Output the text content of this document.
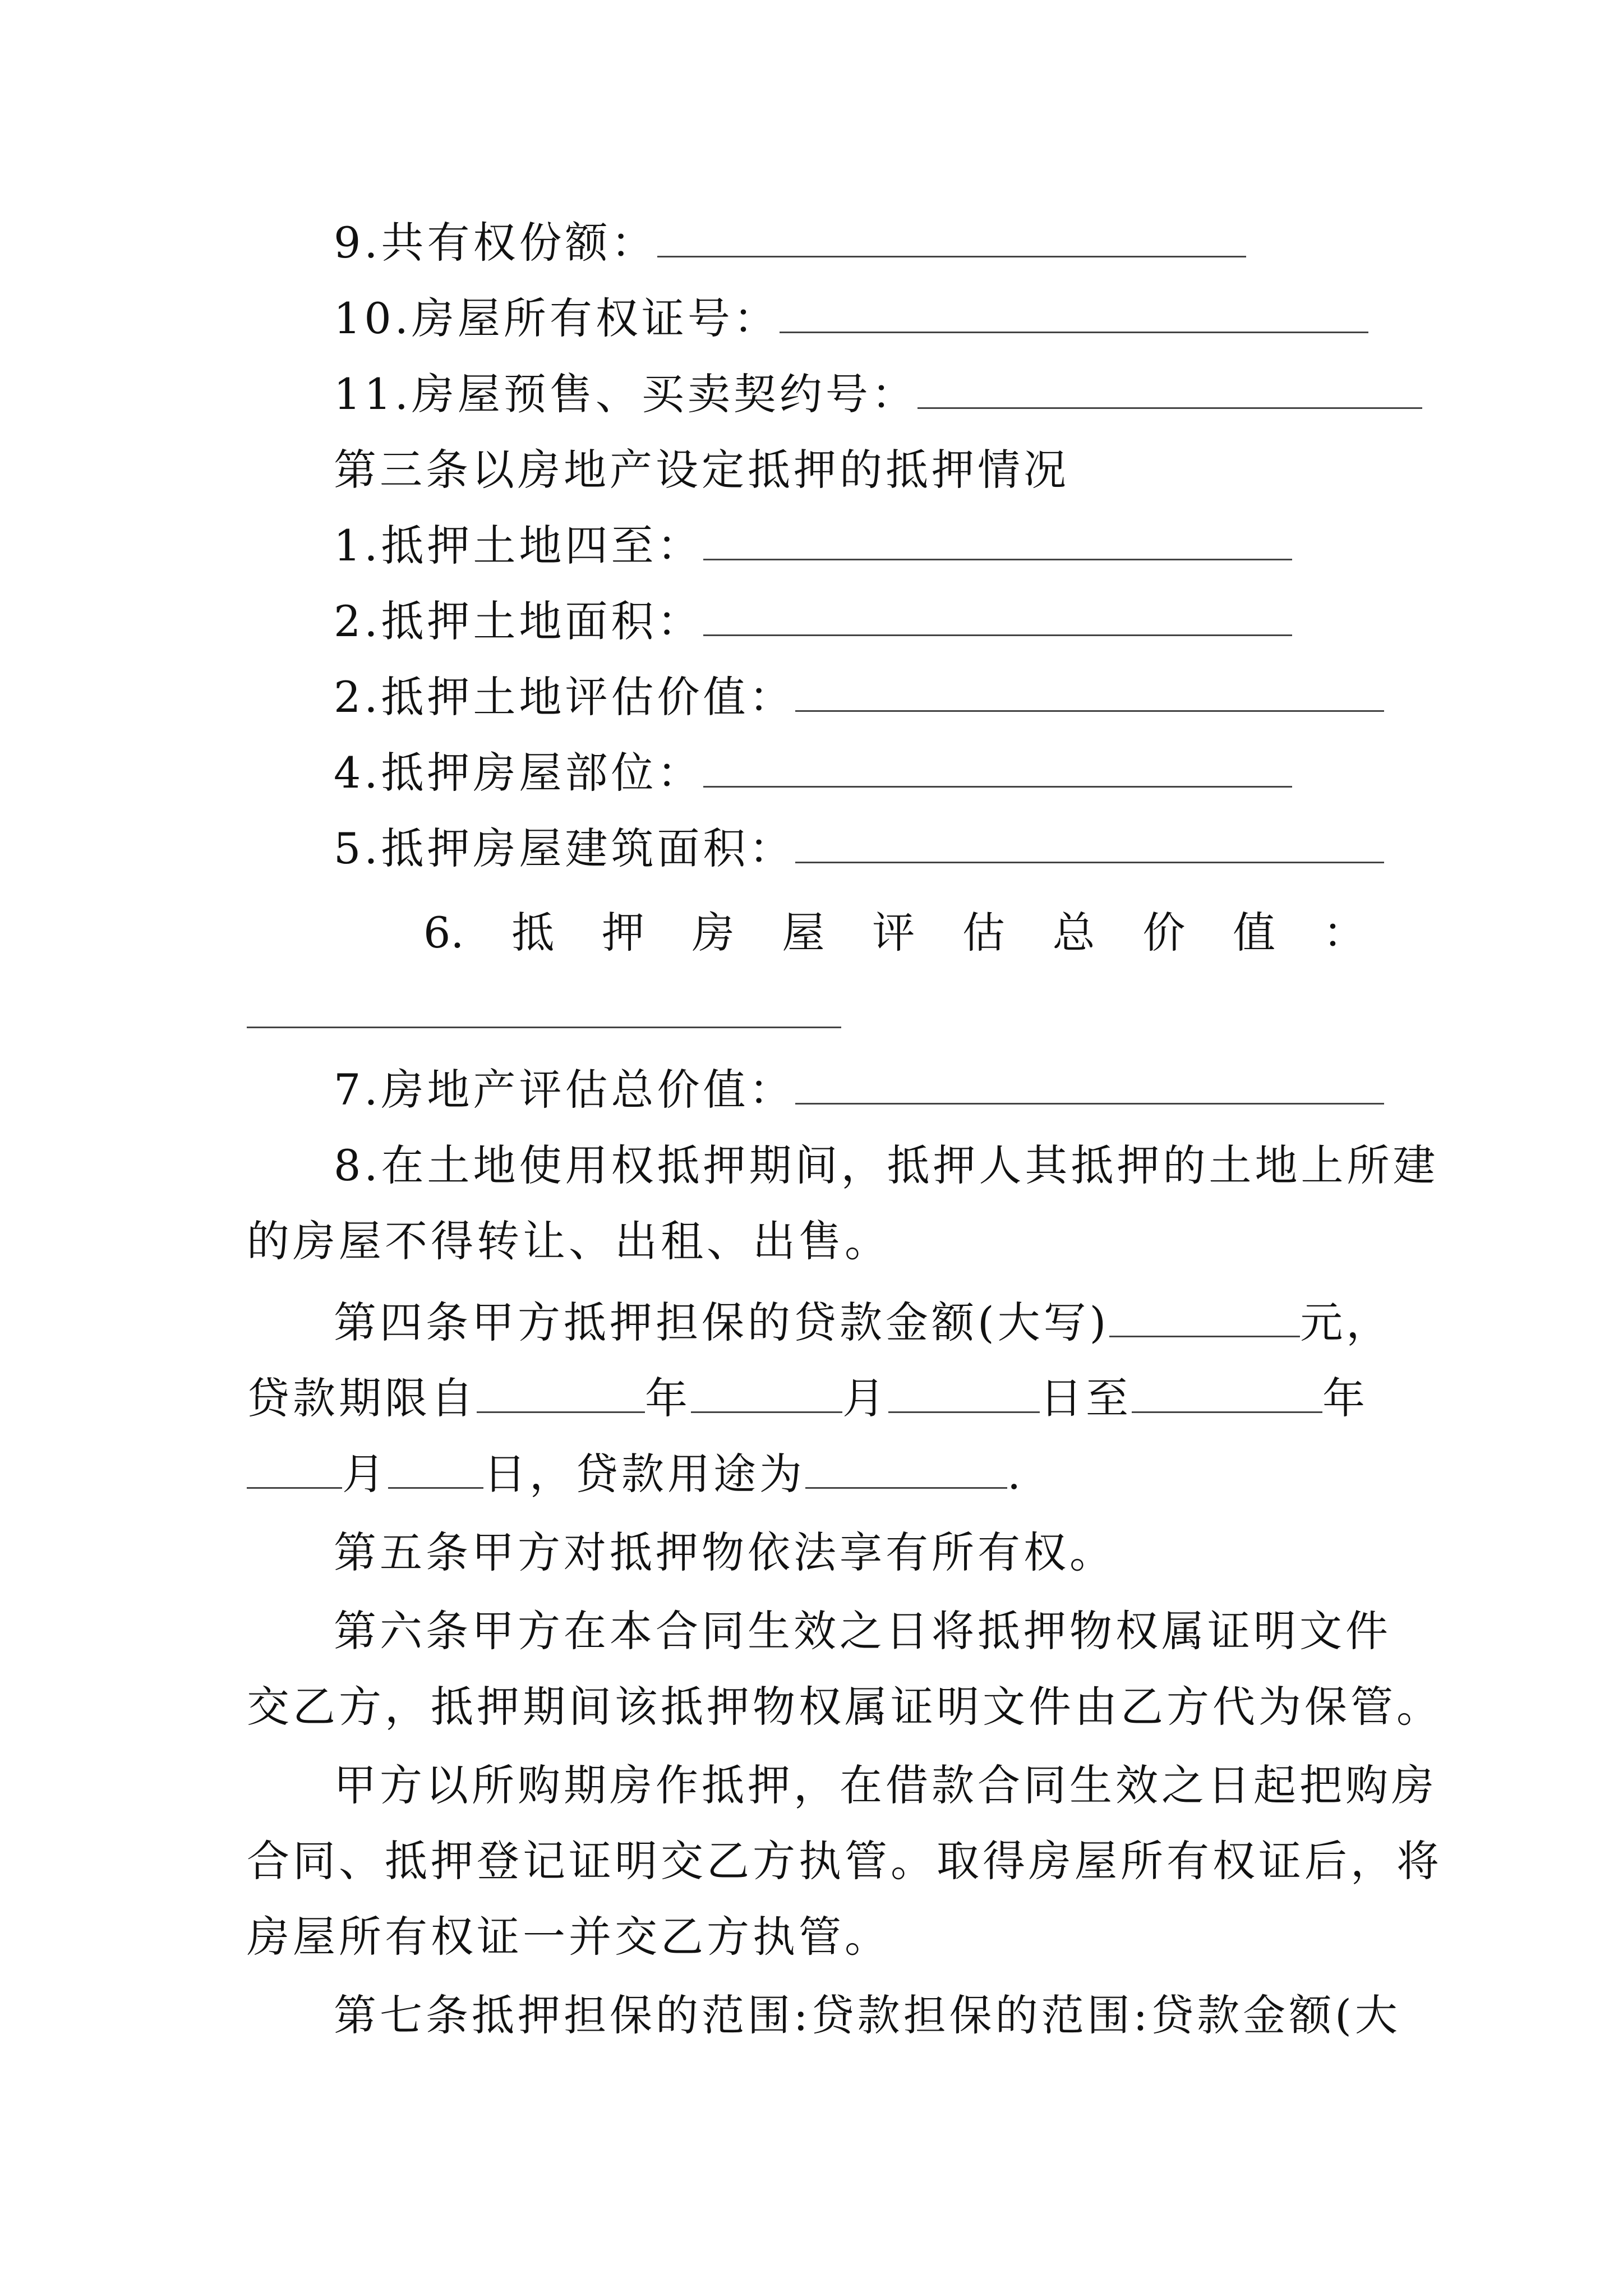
9.共有权份额：
10.房屋所有权证号：
11.房屋预售、买卖契约号：
第三条以房地产设定抵押的抵押情况
1.抵押土地四至：
2.抵押土地面积：
2.抵押土地评估价值：
4.抵押房屋部位：
5.抵押房屋建筑面积：
6. 抵 押 房 屋 评 估 总 价 值 ：
7.房地产评估总价值：
8.在土地使用权抵押期间，抵押人其抵押的土地上所建
的房屋不得转让、出租、出售。
第四条甲方抵押担保的贷款金额(大写)	元，
贷款期限自	年	月	日至	年
月 日，贷款用途为	.
第五条甲方对抵押物依法享有所有权。
第六条甲方在本合同生效之日将抵押物权属证明文件
交乙方，抵押期间该抵押物权属证明文件由乙方代为保管。
甲方以所购期房作抵押，在借款合同生效之日起把购房
合同、抵押登记证明交乙方执管。取得房屋所有权证后，将
房屋所有权证一并交乙方执管。
第七条抵押担保的范围:贷款担保的范围:贷款金额(大
